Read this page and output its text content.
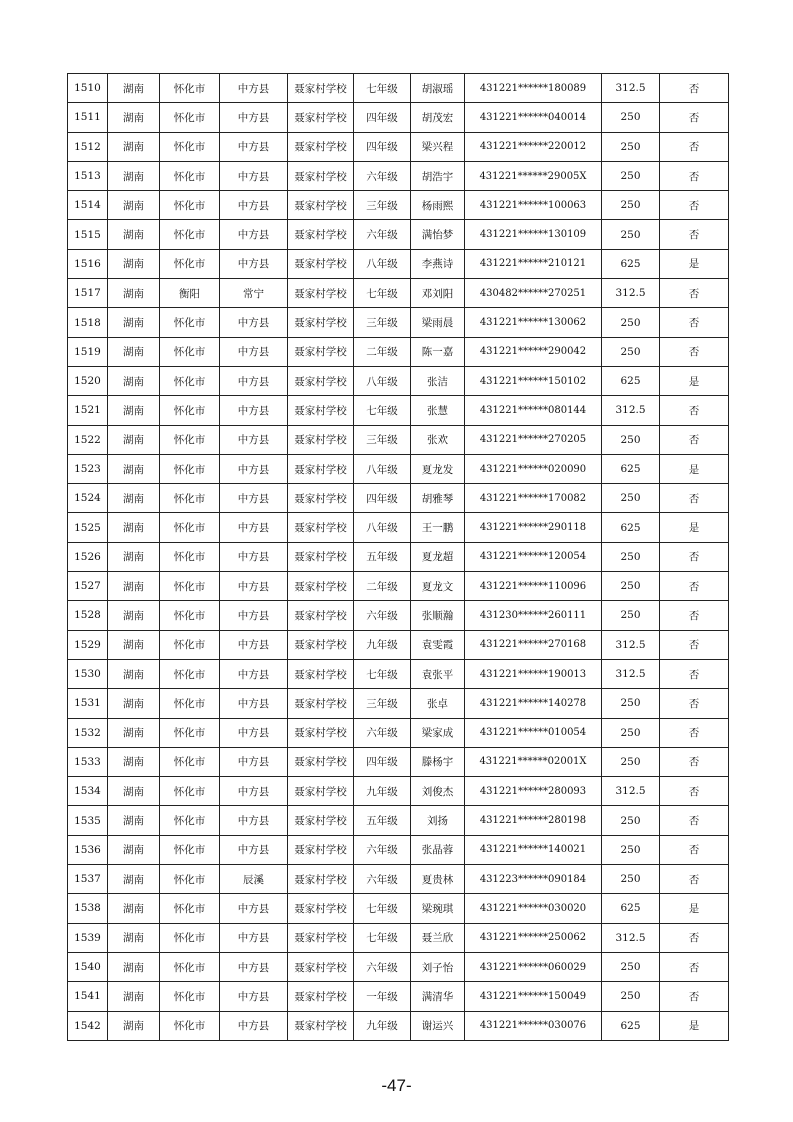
1510	湖南	怀化市	中方县	聂家村学校	七年级	胡淑瑶	431221******180089	312.5	否
1511	湖南	怀化市	中方县	聂家村学校	四年级	胡茂宏	431221******040014	250	否
1512	湖南	怀化市	中方县	聂家村学校	四年级	梁兴程	431221******220012	250	否
1513	湖南	怀化市	中方县	聂家村学校	六年级	胡浩宇	431221******29005X	250	否
1514	湖南	怀化市	中方县	聂家村学校	三年级	杨雨熙	431221******100063	250	否
1515	湖南	怀化市	中方县	聂家村学校	六年级	满怡梦	431221******130109	250	否
1516	湖南	怀化市	中方县	聂家村学校	八年级	李燕诗	431221******210121	625	是
1517	湖南	衡阳	常宁	聂家村学校	七年级	邓刘阳	430482******270251	312.5	否
1518	湖南	怀化市	中方县	聂家村学校	三年级	梁雨晨	431221******130062	250	否
1519	湖南	怀化市	中方县	聂家村学校	二年级	陈一嘉	431221******290042	250	否
1520	湖南	怀化市	中方县	聂家村学校	八年级	张洁	431221******150102	625	是
1521	湖南	怀化市	中方县	聂家村学校	七年级	张慧	431221******080144	312.5	否
1522	湖南	怀化市	中方县	聂家村学校	三年级	张欢	431221******270205	250	否
1523	湖南	怀化市	中方县	聂家村学校	八年级	夏龙发	431221******020090	625	是
1524	湖南	怀化市	中方县	聂家村学校	四年级	胡雅琴	431221******170082	250	否
1525	湖南	怀化市	中方县	聂家村学校	八年级	王一鹏	431221******290118	625	是
1526	湖南	怀化市	中方县	聂家村学校	五年级	夏龙超	431221******120054	250	否
1527	湖南	怀化市	中方县	聂家村学校	二年级	夏龙文	431221******110096	250	否
1528	湖南	怀化市	中方县	聂家村学校	六年级	张顺瀚	431230******260111	250	否
1529	湖南	怀化市	中方县	聂家村学校	九年级	袁雯霞	431221******270168	312.5	否
1530	湖南	怀化市	中方县	聂家村学校	七年级	袁张平	431221******190013	312.5	否
1531	湖南	怀化市	中方县	聂家村学校	三年级	张卓	431221******140278	250	否
1532	湖南	怀化市	中方县	聂家村学校	六年级	梁家成	431221******010054	250	否
1533	湖南	怀化市	中方县	聂家村学校	四年级	滕杨宇	431221******02001X	250	否
1534	湖南	怀化市	中方县	聂家村学校	九年级	刘俊杰	431221******280093	312.5	否
1535	湖南	怀化市	中方县	聂家村学校	五年级	刘扬	431221******280198	250	否
1536	湖南	怀化市	中方县	聂家村学校	六年级	张晶蓉	431221******140021	250	否
1537	湖南	怀化市	辰溪	聂家村学校	六年级	夏贵林	431223******090184	250	否
1538	湖南	怀化市	中方县	聂家村学校	七年级	梁琬琪	431221******030020	625	是
1539	湖南	怀化市	中方县	聂家村学校	七年级	聂兰欣	431221******250062	312.5	否
1540	湖南	怀化市	中方县	聂家村学校	六年级	刘子怡	431221******060029	250	否
1541	湖南	怀化市	中方县	聂家村学校	一年级	满清华	431221******150049	250	否
1542	湖南	怀化市	中方县	聂家村学校	九年级	谢运兴	431221******030076	625	是
-47-
